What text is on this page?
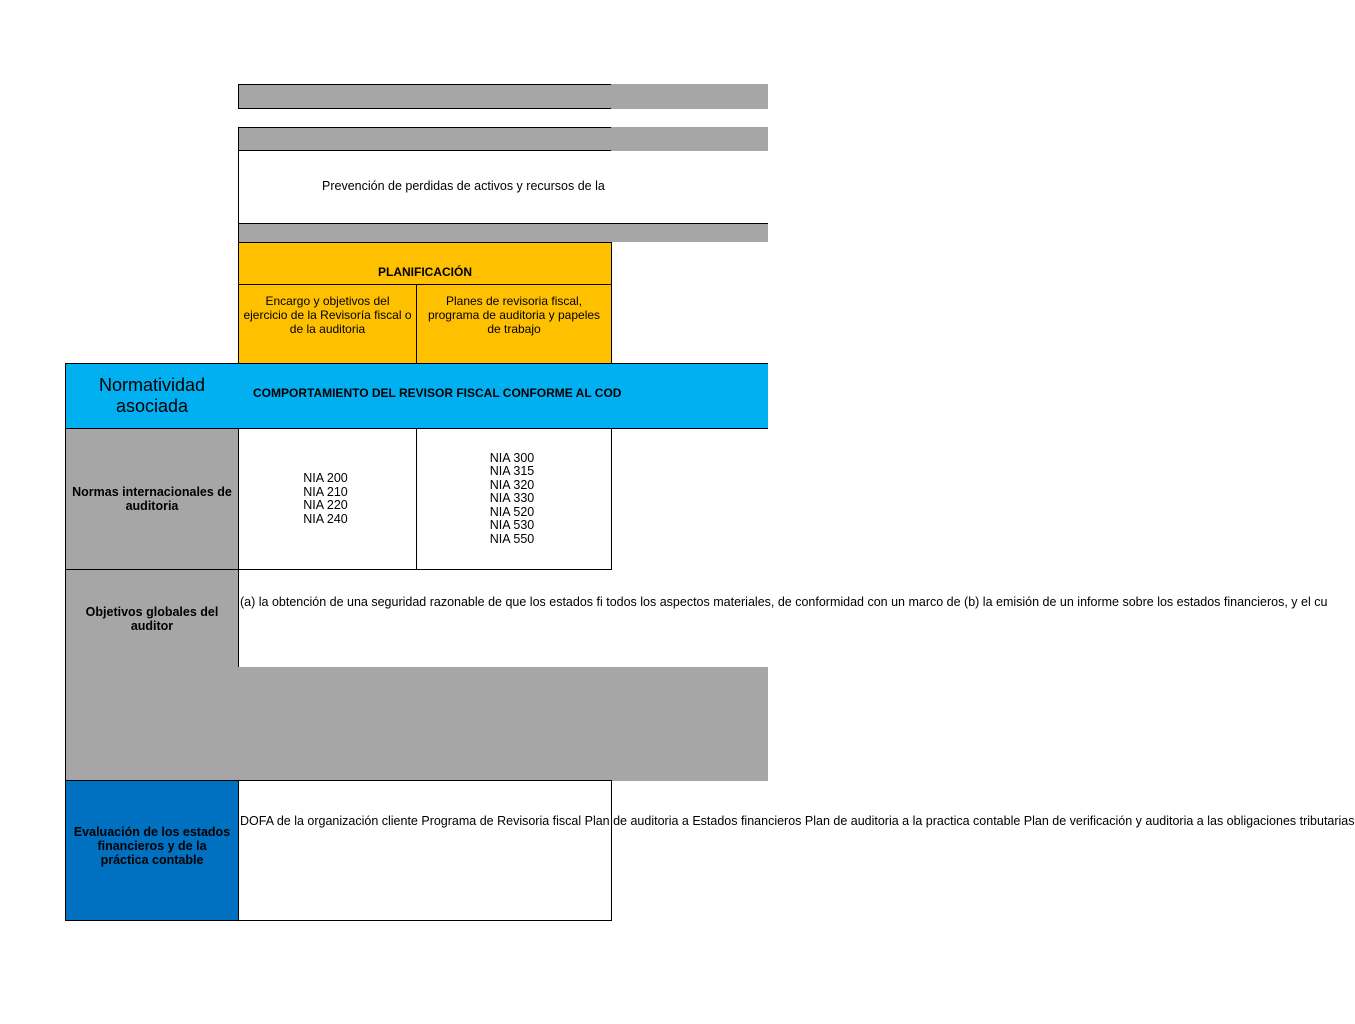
Prevención de perdidas de activos y recursos de la
PLANIFICACIÓN
Encargo y objetivos del ejercicio de la Revisoría fiscal o de la auditoria
Planes de revisoria fiscal, programa de auditoria y papeles de trabajo
Normatividad asociada
COMPORTAMIENTO DEL REVISOR FISCAL CONFORME AL COD
Normas internacionales de auditoria
NIA 200
NIA 210
NIA 220
NIA 240
NIA 300
NIA 315
NIA 320
NIA 330
NIA 520
NIA 530
NIA 550
Objetivos globales del auditor
(a) la obtención de una seguridad razonable de que los estados fi todos los aspectos materiales, de conformidad con un marco de (b) la emisión de un informe sobre los estados financieros, y el cu
Evaluación de los estados financieros y de la práctica contable
DOFA de la organización cliente Programa de Revisoria fiscal Plan de auditoria a Estados financieros Plan de auditoria a la practica contable Plan de verificación y auditoria a las obligaciones tributarias
